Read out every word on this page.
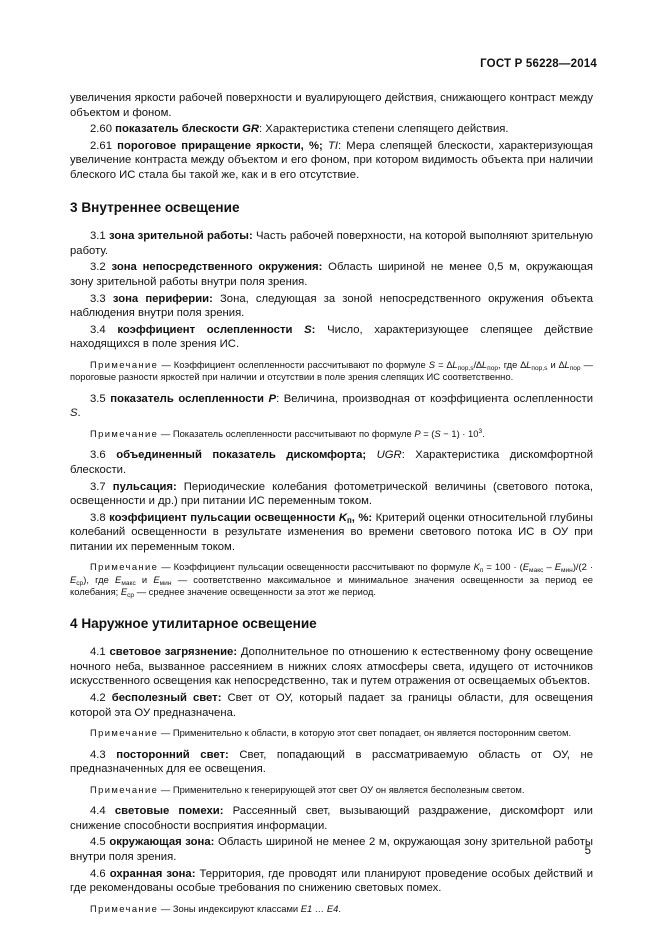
ГОСТ Р 56228—2014

увеличения яркости рабочей поверхности и вуалирующего действия, снижающего контраст между объектом и фоном.

2.60 показатель блескости GR: Характеристика степени слепящего действия.

2.61 пороговое приращение яркости, %; TI: Мера слепящей блескости, характеризующая увеличение контраста между объектом и его фоном, при котором видимость объекта при наличии блеского ИС стала бы такой же, как и в его отсутствие.

3 Внутреннее освещение

3.1 зона зрительной работы: Часть рабочей поверхности, на которой выполняют зрительную работу.

3.2 зона непосредственного окружения: Область шириной не менее 0,5 м, окружающая зону зрительной работы внутри поля зрения.

3.3 зона периферии: Зона, следующая за зоной непосредственного окружения объекта наблюдения внутри поля зрения.

3.4 коэффициент ослепленности S: Число, характеризующее слепящее действие находящихся в поле зрения ИС.

Примечание — Коэффициент ослепленности рассчитывают по формуле $S = \Delta L_{пор,s}/\Delta L_{пор}$, где $\Delta L_{пор,s}$ и $\Delta L_{пор}$ — пороговые разности яркостей при наличии и отсутствии в поле зрения слепящих ИС соответственно.

3.5 показатель ослепленности P: Величина, производная от коэффициента ослепленности S.

Примечание — Показатель ослепленности рассчитывают по формуле $P = (S - 1) \cdot 10^3$.

3.6 объединенный показатель дискомфорта; UGR: Характеристика дискомфортной блескости.

3.7 пульсация: Периодические колебания фотометрической величины (светового потока, освещенности и др.) при питании ИС переменным током.

3.8 коэффициент пульсации освещенности $K_п$, %: Критерий оценки относительной глубины колебаний освещенности в результате изменения во времени светового потока ИС в ОУ при питании их переменным током.

Примечание — Коэффициент пульсации освещенности рассчитывают по формуле $K_п = 100 \cdot (E_{макс} - E_{мин})/(2 \cdot E_{ср})$, где $E_{макс}$ и $E_{мин}$ — соответственно максимальное и минимальное значения освещенности за период ее колебания; $E_{ср}$ — среднее значение освещенности за этот же период.

4 Наружное утилитарное освещение

4.1 световое загрязнение: Дополнительное по отношению к естественному фону освещение ночного неба, вызванное рассеянием в нижних слоях атмосферы света, идущего от источников искусственного освещения как непосредственно, так и путем отражения от освещаемых объектов.

4.2 бесполезный свет: Свет от ОУ, который падает за границы области, для освещения которой эта ОУ предназначена.

Примечание — Применительно к области, в которую этот свет попадает, он является посторонним светом.

4.3 посторонний свет: Свет, попадающий в рассматриваемую область от ОУ, не предназначенных для ее освещения.

Примечание — Применительно к генерирующей этот свет ОУ он является бесполезным светом.

4.4 световые помехи: Рассеянный свет, вызывающий раздражение, дискомфорт или снижение способности восприятия информации.

4.5 окружающая зона: Область шириной не менее 2 м, окружающая зону зрительной работы внутри поля зрения.

4.6 охранная зона: Территория, где проводят или планируют проведение особых действий и где рекомендованы особые требования по снижению световых помех.

Примечание — Зоны индексируют классами E1 … E4.

5
